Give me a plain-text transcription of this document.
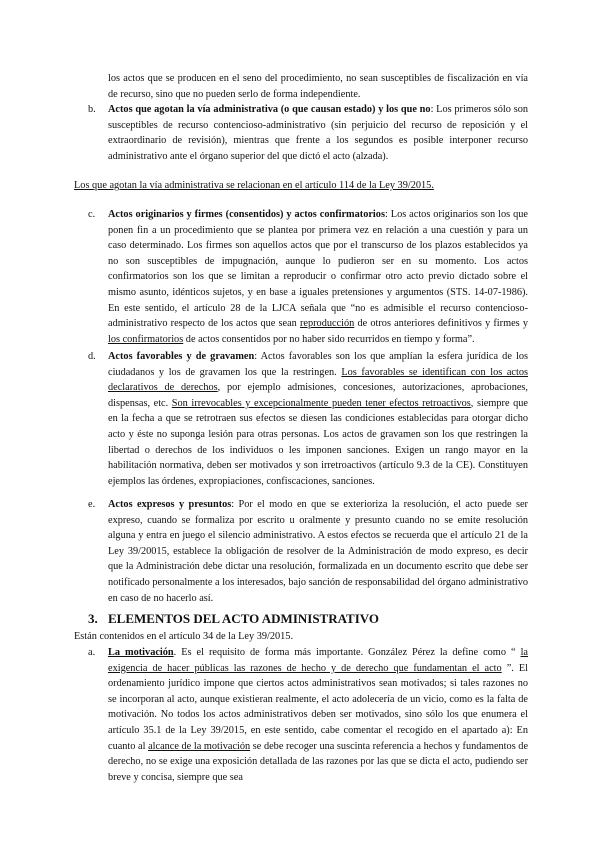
los actos que se producen en el seno del procedimiento, no sean susceptibles de fiscalización en vía de recurso, sino que no pueden serlo de forma independiente.

b. Actos que agotan la vía administrativa (o que causan estado) y los que no: Los primeros sólo son susceptibles de recurso contencioso-administrativo (sin perjuicio del recurso de reposición y el extraordinario de revisión), mientras que frente a los segundos es posible interponer recurso administrativo ante el órgano superior del que dictó el acto (alzada).

Los que agotan la vía administrativa se relacionan en el artículo 114 de la Ley 39/2015.
c. Actos originarios y firmes (consentidos) y actos confirmatorios: Los actos originarios son los que ponen fin a un procedimiento que se plantea por primera vez en relación a una cuestión y para un caso determinado. Los firmes son aquellos actos que por el transcurso de los plazos establecidos ya no son susceptibles de impugnación, aunque lo pudieron ser en su momento. Los actos confirmatorios son los que se limitan a reproducir o confirmar otro acto previo dictado sobre el mismo asunto, idénticos sujetos, y en base a iguales pretensiones y argumentos (STS. 14-07-1986). En este sentido, el artículo 28 de la LJCA señala que “no es admisible el recurso contencioso-administrativo respecto de los actos que sean reproducción de otros anteriores definitivos y firmes y los confirmatorios de actos consentidos por no haber sido recurridos en tiempo y forma”.

d. Actos favorables y de gravamen: Actos favorables son los que amplían la esfera jurídica de los ciudadanos y los de gravamen los que la restringen. Los favorables se identifican con los actos declarativos de derechos, por ejemplo admisiones, concesiones, autorizaciones, aprobaciones, dispensas, etc. Son irrevocables y excepcionalmente pueden tener efectos retroactivos, siempre que en la fecha a que se retrotraen sus efectos se diesen las condiciones establecidas para otorgar dicho acto y éste no suponga lesión para otras personas. Los actos de gravamen son los que restringen la libertad o derechos de los individuos o les imponen sanciones. Exigen un rango mayor en la habilitación normativa, deben ser motivados y son irretroactivos (artículo 9.3 de la CE). Constituyen ejemplos las órdenes, expropiaciones, confiscaciones, sanciones.

e. Actos expresos y presuntos: Por el modo en que se exterioriza la resolución, el acto puede ser expreso, cuando se formaliza por escrito u oralmente y presunto cuando no se emite resolución alguna y entra en juego el silencio administrativo. A estos efectos se recuerda que el artículo 21 de la Ley 39/20015, establece la obligación de resolver de la Administración de modo expreso, es decir que la Administración debe dictar una resolución, formalizada en un documento escrito que debe ser notificado personalmente a los interesados, bajo sanción de responsabilidad del órgano administrativo en caso de no hacerlo así.

3. ELEMENTOS DEL ACTO ADMINISTRATIVO
Están contenidos en el artículo 34 de la Ley 39/2015.
a. La motivación. Es el requisito de forma más importante. González Pérez la define como “ la exigencia de hacer públicas las razones de hecho y de derecho que fundamentan el acto ”. El ordenamiento jurídico impone que ciertos actos administrativos sean motivados; si tales razones no se incorporan al acto, aunque existieran realmente, el acto adolecería de un vicio, como es la falta de motivación. No todos los actos administrativos deben ser motivados, sino sólo los que enumera el artículo 35.1 de la Ley 39/2015, en este sentido, cabe comentar el recogido en el apartado a): En cuanto al alcance de la motivación se debe recoger una suscinta referencia a hechos y fundamentos de derecho, no se exige una exposición detallada de las razones por las que se dicta el acto, pudiendo ser breve y concisa, siempre que sea
